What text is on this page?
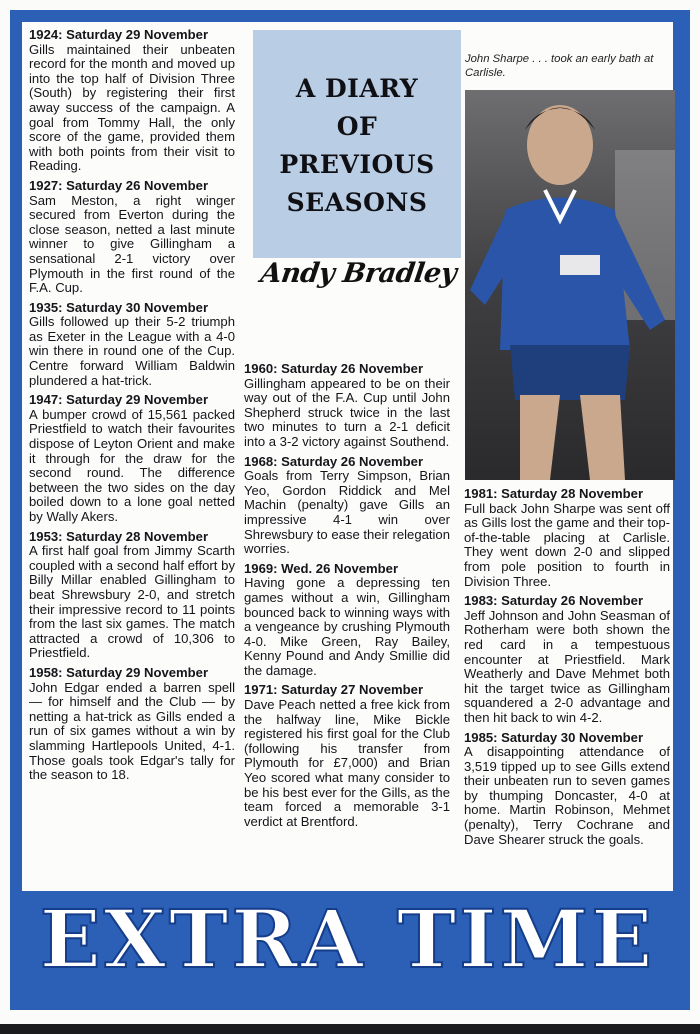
A DIARY
OF
PREVIOUS
SEASONS
Andy Bradley
John Sharpe . . . took an early bath at Carlisle.

1924: Saturday 29 November
Gills maintained their unbeaten record for the month and moved up into the top half of Division Three (South) by registering their first away success of the campaign. A goal from Tommy Hall, the only score of the game, provided them with both points from their visit to Reading.

1927: Saturday 26 November
Sam Meston, a right winger secured from Everton during the close season, netted a last minute winner to give Gillingham a sensational 2-1 victory over Plymouth in the first round of the F.A. Cup.

1935: Saturday 30 November
Gills followed up their 5-2 triumph as Exeter in the League with a 4-0 win there in round one of the Cup. Centre forward William Baldwin plundered a hat-trick.

1947: Saturday 29 November
A bumper crowd of 15,561 packed Priestfield to watch their favourites dispose of Leyton Orient and make it through for the draw for the second round. The difference between the two sides on the day boiled down to a lone goal netted by Wally Akers.

1953: Saturday 28 November
A first half goal from Jimmy Scarth coupled with a second half effort by Billy Millar enabled Gillingham to beat Shrewsbury 2-0, and stretch their impressive record to 11 points from the last six games. The match attracted a crowd of 10,306 to Priestfield.

1958: Saturday 29 November
John Edgar ended a barren spell — for himself and the Club — by netting a hat-trick as Gills ended a run of six games without a win by slamming Hartlepools United, 4-1. Those goals took Edgar's tally for the season to 18.

1960: Saturday 26 November
Gillingham appeared to be on their way out of the F.A. Cup until John Shepherd struck twice in the last two minutes to turn a 2-1 deficit into a 3-2 victory against Southend.

1968: Saturday 26 November
Goals from Terry Simpson, Brian Yeo, Gordon Riddick and Mel Machin (penalty) gave Gills an impressive 4-1 win over Shrewsbury to ease their relegation worries.

1969: Wed. 26 November
Having gone a depressing ten games without a win, Gillingham bounced back to winning ways with a vengeance by crushing Plymouth 4-0. Mike Green, Ray Bailey, Kenny Pound and Andy Smillie did the damage.

1971: Saturday 27 November
Dave Peach netted a free kick from the halfway line, Mike Bickle registered his first goal for the Club (following his transfer from Plymouth for £7,000) and Brian Yeo scored what many consider to be his best ever for the Gills, as the team forced a memorable 3-1 verdict at Brentford.

1981: Saturday 28 November
Full back John Sharpe was sent off as Gills lost the game and their top-of-the-table placing at Carlisle. They went down 2-0 and slipped from pole position to fourth in Division Three.

1983: Saturday 26 November
Jeff Johnson and John Seasman of Rotherham were both shown the red card in a tempestuous encounter at Priestfield. Mark Weatherly and Dave Mehmet both hit the target twice as Gillingham squandered a 2-0 advantage and then hit back to win 4-2.

1985: Saturday 30 November
A disappointing attendance of 3,519 tipped up to see Gills extend their unbeaten run to seven games by thumping Doncaster, 4-0 at home. Martin Robinson, Mehmet (penalty), Terry Cochrane and Dave Shearer struck the goals.

EXTRA TIME
